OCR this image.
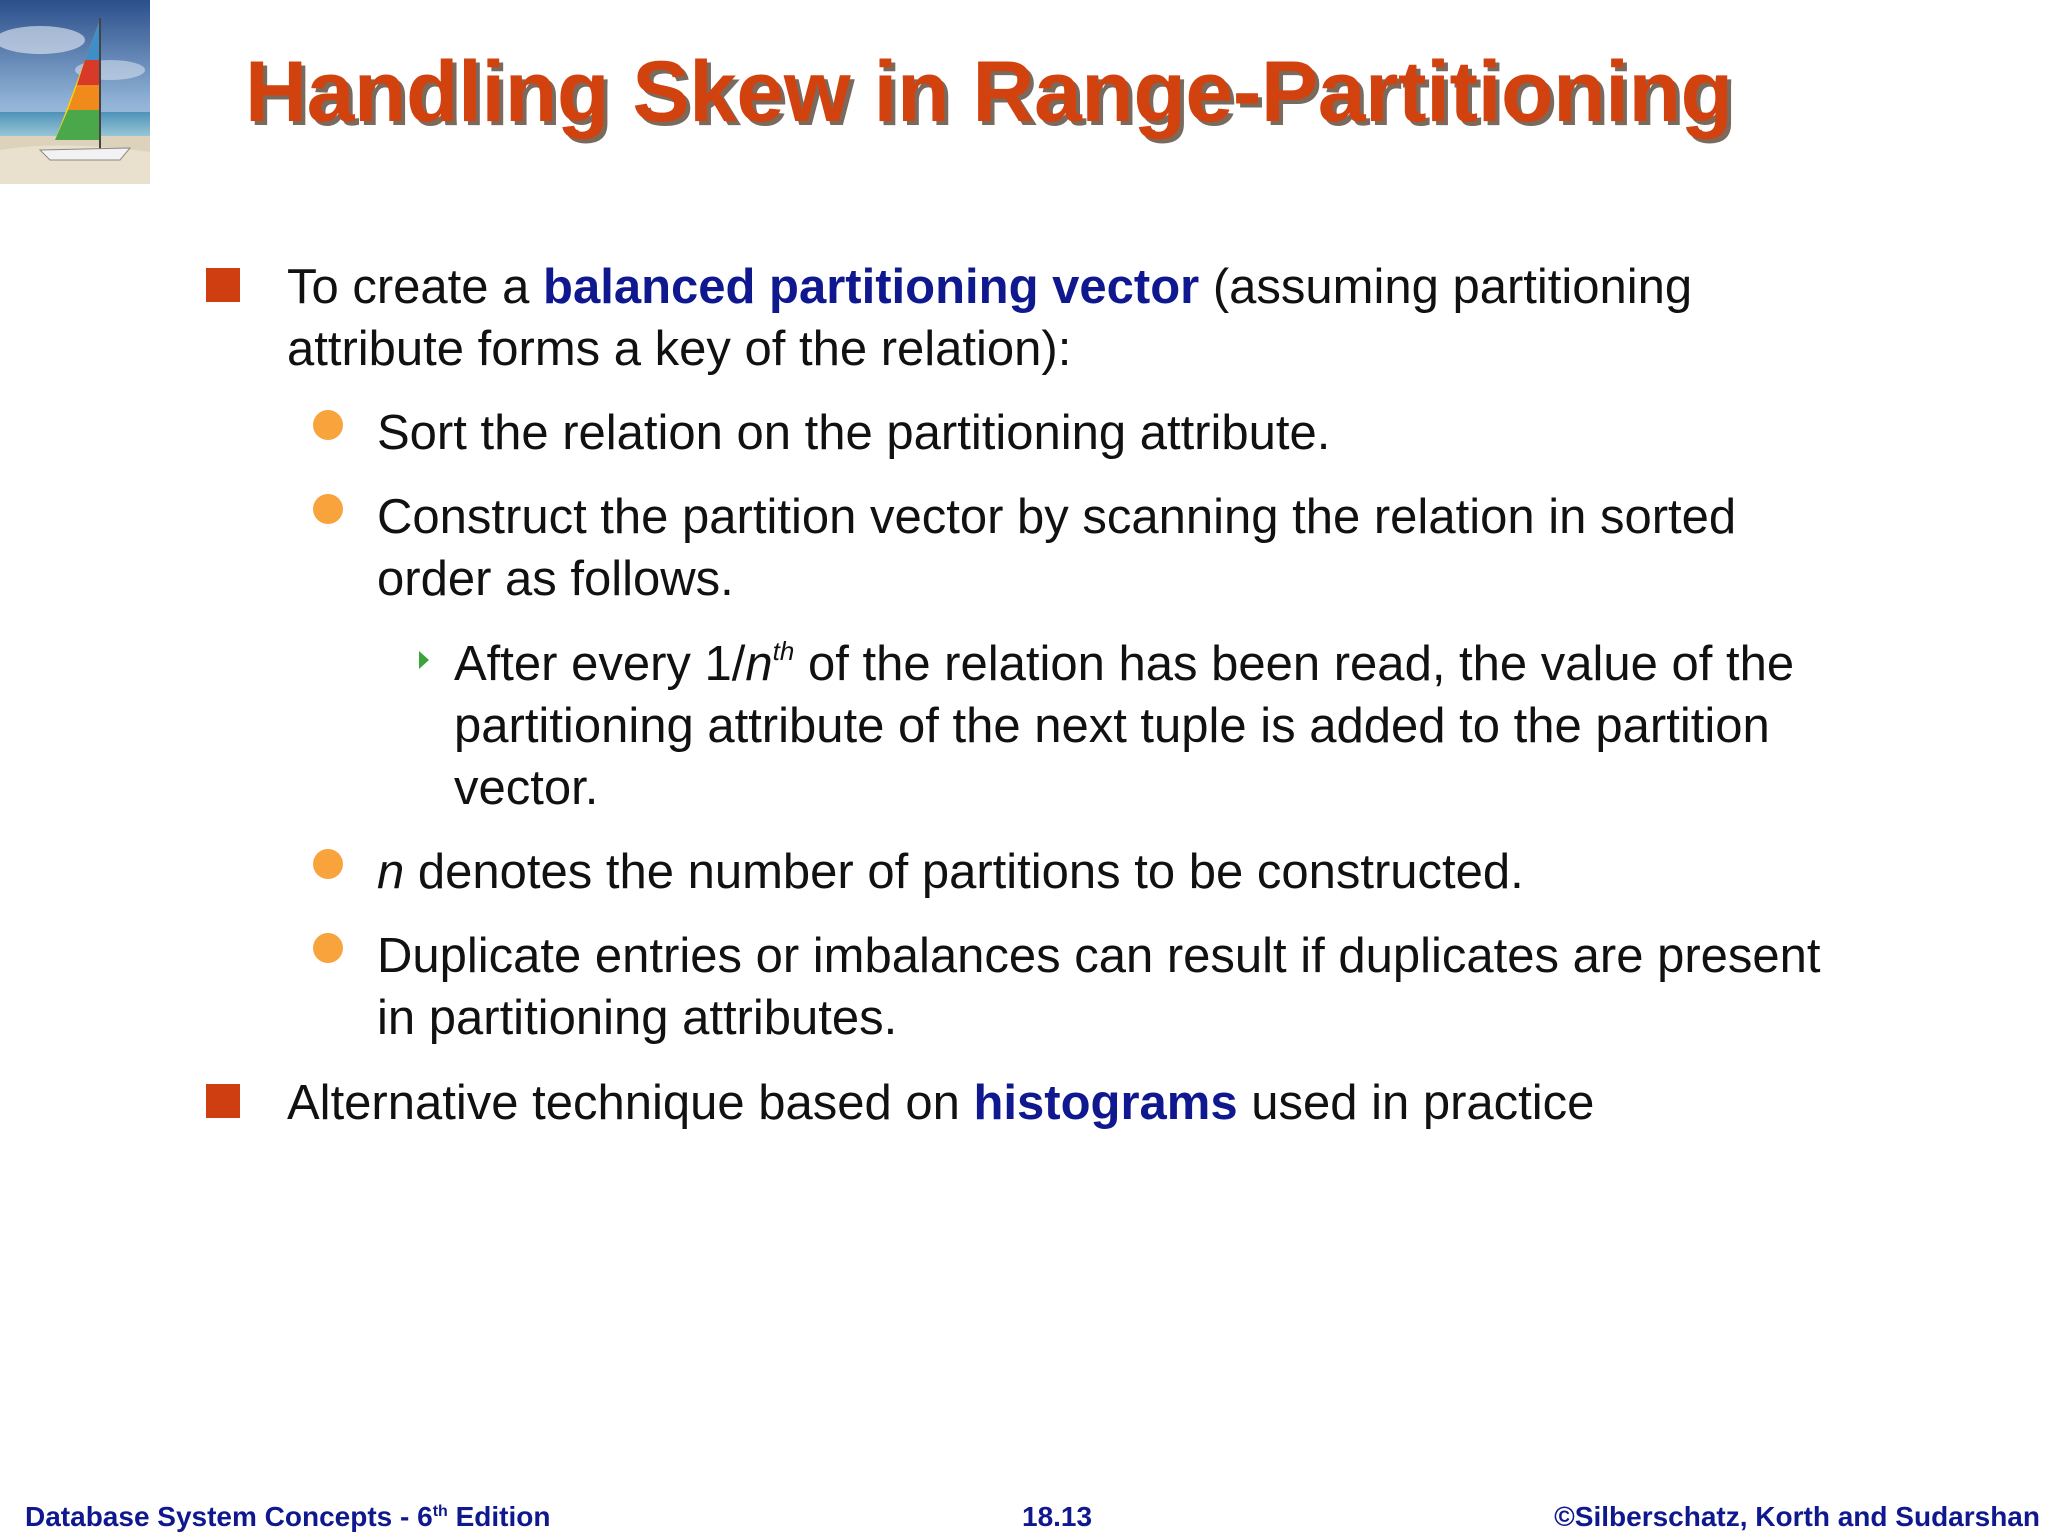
Handling Skew in Range-Partitioning
To create a balanced partitioning vector (assuming partitioning attribute forms a key of the relation):
Sort the relation on the partitioning attribute.
Construct the partition vector by scanning the relation in sorted order as follows.
After every $1/n^{th}$ of the relation has been read, the value of the partitioning attribute of the next tuple is added to the partition vector.
n denotes the number of partitions to be constructed.
Duplicate entries or imbalances can result if duplicates are present in partitioning attributes.
Alternative technique based on histograms used in practice
Database System Concepts - 6th Edition	18.13	©Silberschatz, Korth and Sudarshan
